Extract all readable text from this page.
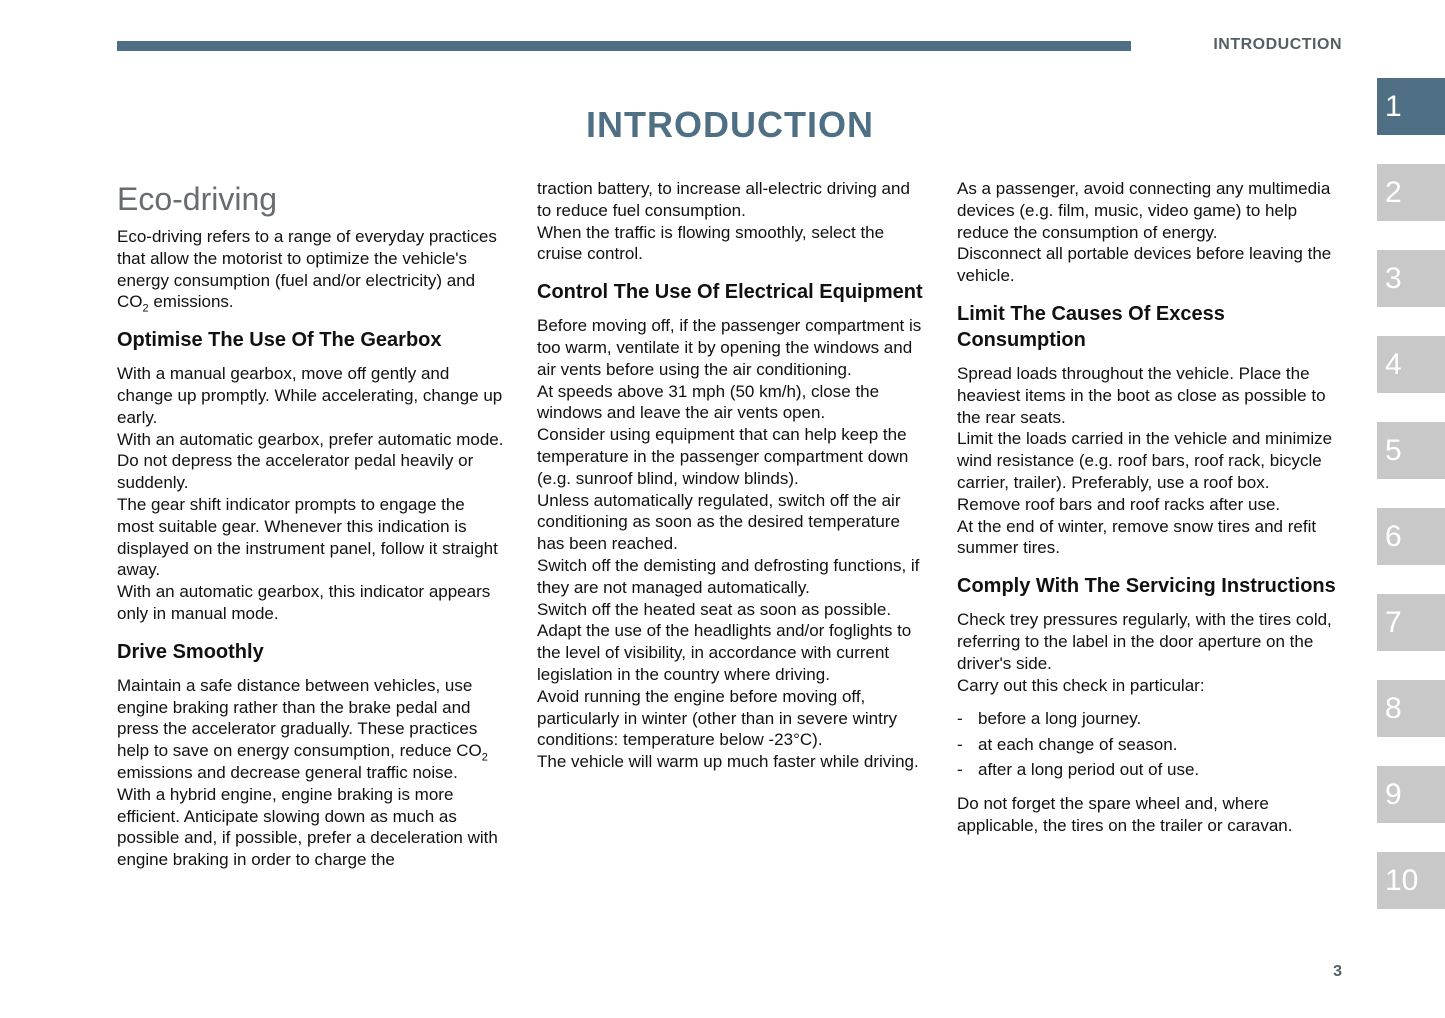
INTRODUCTION
INTRODUCTION
Eco-driving

Eco-driving refers to a range of everyday practices that allow the motorist to optimize the vehicle's energy consumption (fuel and/or electricity) and $CO_2$ emissions.

Optimise The Use Of The Gearbox

With a manual gearbox, move off gently and change up promptly. While accelerating, change up early.

With an automatic gearbox, prefer automatic mode. Do not depress the accelerator pedal heavily or suddenly.

The gear shift indicator prompts to engage the most suitable gear. Whenever this indication is displayed on the instrument panel, follow it straight away.

With an automatic gearbox, this indicator appears only in manual mode.

Drive Smoothly

Maintain a safe distance between vehicles, use engine braking rather than the brake pedal and press the accelerator gradually. These practices help to save on energy consumption, reduce $CO_2$ emissions and decrease general traffic noise.

With a hybrid engine, engine braking is more efficient. Anticipate slowing down as much as possible and, if possible, prefer a deceleration with engine braking in order to charge the

traction battery, to increase all-electric driving and to reduce fuel consumption.

When the traffic is flowing smoothly, select the cruise control.

Control The Use Of Electrical Equipment

Before moving off, if the passenger compartment is too warm, ventilate it by opening the windows and air vents before using the air conditioning.

At speeds above 31 mph (50 km/h), close the windows and leave the air vents open.

Consider using equipment that can help keep the temperature in the passenger compartment down (e.g. sunroof blind, window blinds).

Unless automatically regulated, switch off the air conditioning as soon as the desired temperature has been reached.

Switch off the demisting and defrosting functions, if they are not managed automatically.

Switch off the heated seat as soon as possible.

Adapt the use of the headlights and/or foglights to the level of visibility, in accordance with current legislation in the country where driving.

Avoid running the engine before moving off, particularly in winter (other than in severe wintry conditions: temperature below -23°C).

The vehicle will warm up much faster while driving.

As a passenger, avoid connecting any multimedia devices (e.g. film, music, video game) to help reduce the consumption of energy.

Disconnect all portable devices before leaving the vehicle.

Limit The Causes Of Excess Consumption

Spread loads throughout the vehicle. Place the heaviest items in the boot as close as possible to the rear seats.

Limit the loads carried in the vehicle and minimize wind resistance (e.g. roof bars, roof rack, bicycle carrier, trailer). Preferably, use a roof box.

Remove roof bars and roof racks after use.

At the end of winter, remove snow tires and refit summer tires.

Comply With The Servicing Instructions

Check trey pressures regularly, with the tires cold, referring to the label in the door aperture on the driver's side.

Carry out this check in particular:

- before a long journey.
- at each change of season.
- after a long period out of use.

Do not forget the spare wheel and, where applicable, the tires on the trailer or caravan.

1
2
3
4
5
6
7
8
9
10
3
